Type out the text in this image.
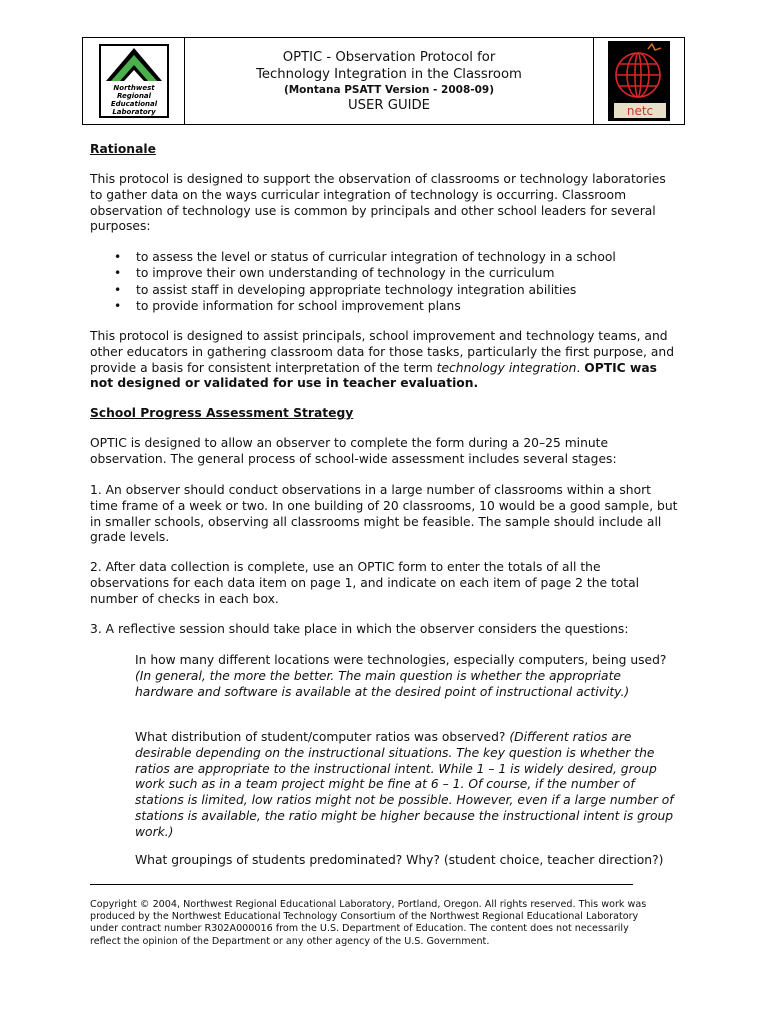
Northwest
Regional
Educational
Laboratory
OPTIC - Observation Protocol for
Technology Integration in the Classroom
(Montana PSATT Version - 2008-09)
USER GUIDE	netc

Rationale

This protocol is designed to support the observation of classrooms or technology laboratories to gather data on the ways curricular integration of technology is occurring. Classroom observation of technology use is common by principals and other school leaders for several purposes:

• to assess the level or status of curricular integration of technology in a school
• to improve their own understanding of technology in the curriculum
• to assist staff in developing appropriate technology integration abilities
• to provide information for school improvement plans

This protocol is designed to assist principals, school improvement and technology teams, and other educators in gathering classroom data for those tasks, particularly the first purpose, and provide a basis for consistent interpretation of the term technology integration. OPTIC was not designed or validated for use in teacher evaluation.

School Progress Assessment Strategy

OPTIC is designed to allow an observer to complete the form during a 20–25 minute observation. The general process of school-wide assessment includes several stages:

1. An observer should conduct observations in a large number of classrooms within a short time frame of a week or two. In one building of 20 classrooms, 10 would be a good sample, but in smaller schools, observing all classrooms might be feasible. The sample should include all grade levels.

2. After data collection is complete, use an OPTIC form to enter the totals of all the observations for each data item on page 1, and indicate on each item of page 2 the total number of checks in each box.

3. A reflective session should take place in which the observer considers the questions:

In how many different locations were technologies, especially computers, being used? (In general, the more the better. The main question is whether the appropriate hardware and software is available at the desired point of instructional activity.)

What distribution of student/computer ratios was observed? (Different ratios are desirable depending on the instructional situations. The key question is whether the ratios are appropriate to the instructional intent. While 1 – 1 is widely desired, group work such as in a team project might be fine at 6 – 1. Of course, if the number of stations is limited, low ratios might not be possible. However, even if a large number of stations is available, the ratio might be higher because the instructional intent is group work.)

What groupings of students predominated? Why? (student choice, teacher direction?)

Copyright © 2004, Northwest Regional Educational Laboratory, Portland, Oregon. All rights reserved. This work was produced by the Northwest Educational Technology Consortium of the Northwest Regional Educational Laboratory under contract number R302A000016 from the U.S. Department of Education. The content does not necessarily reflect the opinion of the Department or any other agency of the U.S. Government.
